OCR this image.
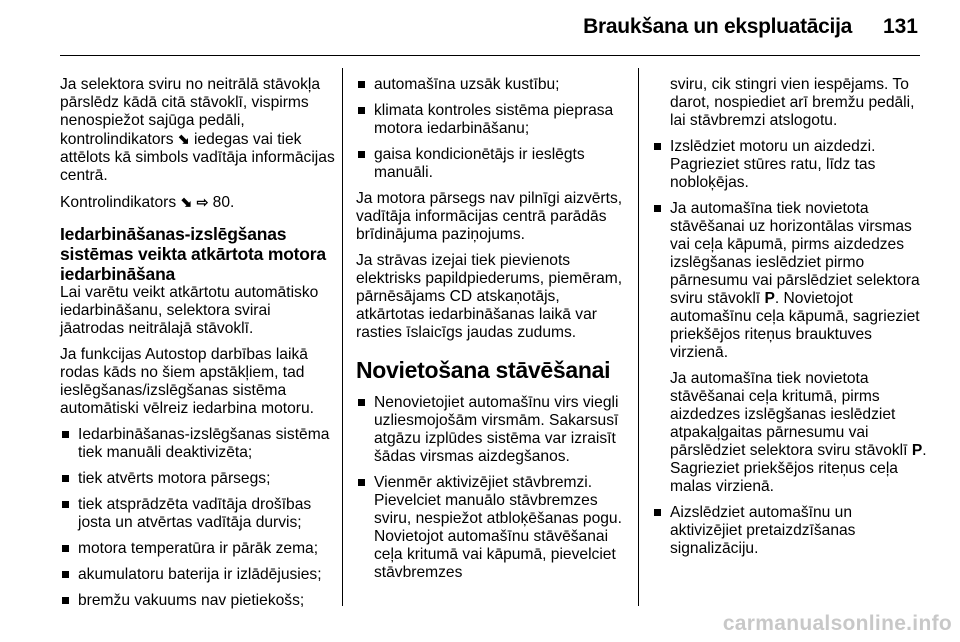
Braukšana un ekspluatācija 131

Ja selektora sviru no neitrālā stāvokļa pārslēdz kādā citā stāvoklī, vispirms nenospiežot sajūga pedāli, kontrolindikators ⬊ iedegas vai tiek attēlots kā simbols vadītāja informācijas centrā.

Kontrolindikators ⬊ ⇨ 80.

Iedarbināšanas-izslēgšanas sistēmas veikta atkārtota motora iedarbināšana

Lai varētu veikt atkārtotu automātisko iedarbināšanu, selektora svirai jāatrodas neitrālajā stāvoklī.

Ja funkcijas Autostop darbības laikā rodas kāds no šiem apstākļiem, tad ieslēgšanas/izslēgšanas sistēma automātiski vēlreiz iedarbina motoru.

Iedarbināšanas-izslēgšanas sistēma tiek manuāli deaktivizēta;
tiek atvērts motora pārsegs;
tiek atsprādzēta vadītāja drošības josta un atvērtas vadītāja durvis;
motora temperatūra ir pārāk zema;
akumulatoru baterija ir izlādējusies;
bremžu vakuums nav pietiekošs;
automašīna uzsāk kustību;
klimata kontroles sistēma pieprasa motora iedarbināšanu;
gaisa kondicionētājs ir ieslēgts manuāli.

Ja motora pārsegs nav pilnīgi aizvērts, vadītāja informācijas centrā parādās brīdinājuma paziņojums.

Ja strāvas izejai tiek pievienots elektrisks papildpiederums, piemēram, pārnēsājams CD atskaņotājs, atkārtotas iedarbināšanas laikā var rasties īslaicīgs jaudas zudums.

Novietošana stāvēšanai
Nenovietojiet automašīnu virs viegli uzliesmojošām virsmām. Sakarsusī atgāzu izplūdes sistēma var izraisīt šādas virsmas aizdegšanos.
Vienmēr aktivizējiet stāvbremzi. Pievelciet manuālo stāvbremzes sviru, nespiežot atbloķēšanas pogu. Novietojot automašīnu stāvēšanai ceļa kritumā vai kāpumā, pievelciet stāvbremzes
sviru, cik stingri vien iespējams. To darot, nospiediet arī bremžu pedāli, lai stāvbremzi atslogotu.
Izslēdziet motoru un aizdedzi. Pagrieziet stūres ratu, līdz tas nobloķējas.
Ja automašīna tiek novietota stāvēšanai uz horizontālas virsmas vai ceļa kāpumā, pirms aizdedzes izslēgšanas ieslēdziet pirmo pārnesumu vai pārslēdziet selektora sviru stāvoklī P. Novietojot automašīnu ceļa kāpumā, sagrieziet priekšējos riteņus brauktuves virzienā.
Ja automašīna tiek novietota stāvēšanai ceļa kritumā, pirms aizdedzes izslēgšanas ieslēdziet atpakaļgaitas pārnesumu vai pārslēdziet selektora sviru stāvoklī P. Sagrieziet priekšējos riteņus ceļa malas virzienā.
Aizslēdziet automašīnu un aktivizējiet pretaizdzīšanas signalizāciju.
carmanualsonline.info
